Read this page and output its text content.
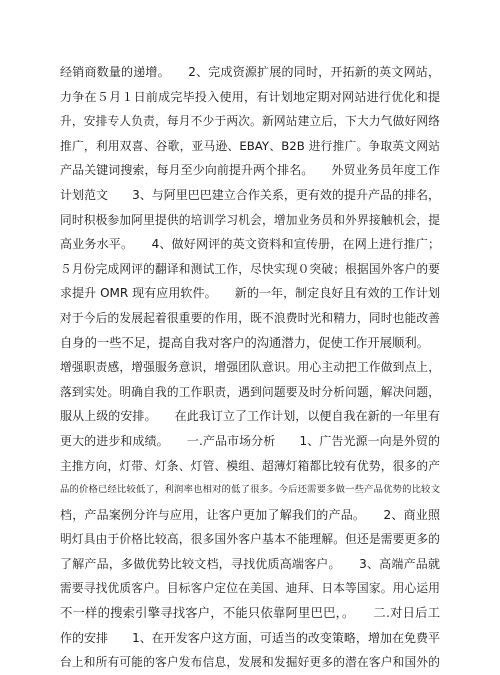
经销商数量的递增。　　2、完成资源扩展的同时，开拓新的英文网站，
力争在５月１日前成完毕投入使用，有计划地定期对网站进行优化和提
升，安排专人负责，每月不少于两次。新网站建立后，下大力气做好网络
推广，利用双喜、谷歌，亚马逊、EBAY、B2B 进行推广。争取英文网站
产品关键词搜索，每月至少向前提升两个排名。　　外贸业务员年度工作
计划范文　　3、与阿里巴巴建立合作关系，更有效的提升产品的排名，
同时积极参加阿里提供的培训学习机会，增加业务员和外界接触机会，提
高业务水平。　　4、做好网评的英文资料和宣传册，在网上进行推广；
５月份完成网评的翻译和测试工作，尽快实现０突破；根据国外客户的要
求提升 OMR 现有应用软件。　　新的一年，制定良好且有效的工作计划
对于今后的发展起着很重要的作用，既不浪费时光和精力，同时也能改善
自身的一些不足，提高自我对客户的沟通潜力，促使工作开展顺利。
增强职责感，增强服务意识，增强团队意识。用心主动把工作做到点上，
落到实处。明确自我的工作职责，遇到问题要及时分析问题，解决问题，
服从上级的安排。　　在此我订立了工作计划，以便自我在新的一年里有
更大的进步和成绩。　　一.产品市场分析　　1、广告光源一向是外贸的
主推方向，灯带、灯条、灯管、模组、超薄灯箱都比较有优势，很多的产
品的价格已经比较低了，利润率也相对的低了很多。今后还需要多做一些产品优势的比较文
档，产品案例分许与应用，让客户更加了解我们的产品。　　2、商业照
明灯具由于价格比较高，很多国外客户基本不能理解。但还是需要更多的
了解产品，多做优势比较文档，寻找优质高端客户。　　3、高端产品就
需要寻找优质客户。目标客户定位在美国、迪拜、日本等国家。用心运用
不一样的搜索引擎寻找客户，不能只依靠阿里巴巴，。　　二.对日后工
作的安排　　1、在开发客户这方面，可适当的改变策略，增加在免费平
台上和所有可能的客户发布信息，发展和发掘好更多的潜在客户和国外的
